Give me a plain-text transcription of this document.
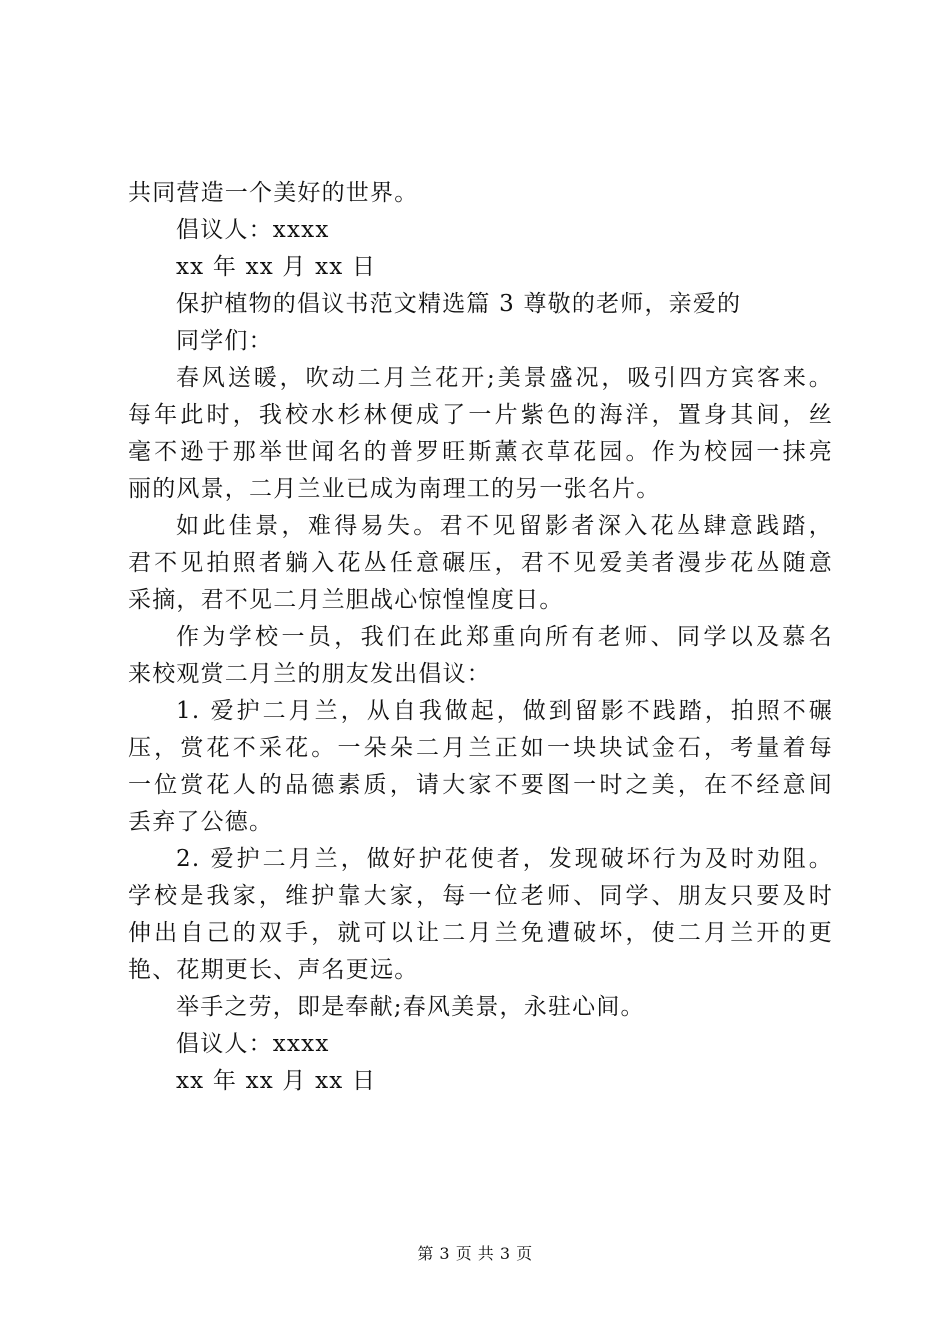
共同营造一个美好的世界。
倡议人：xxxx
xx 年 xx 月 xx 日
保护植物的倡议书范文精选篇 3 尊敬的老师，亲爱的
同学们：
春风送暖，吹动二月兰花开;美景盛况，吸引四方宾客来。
每年此时，我校水杉林便成了一片紫色的海洋，置身其间，丝
毫不逊于那举世闻名的普罗旺斯薰衣草花园。作为校园一抹亮
丽的风景，二月兰业已成为南理工的另一张名片。
如此佳景，难得易失。君不见留影者深入花丛肆意践踏，
君不见拍照者躺入花丛任意碾压，君不见爱美者漫步花丛随意
采摘，君不见二月兰胆战心惊惶惶度日。
作为学校一员，我们在此郑重向所有老师、同学以及慕名
来校观赏二月兰的朋友发出倡议：
1. 爱护二月兰，从自我做起，做到留影不践踏，拍照不碾
压，赏花不采花。一朵朵二月兰正如一块块试金石，考量着每
一位赏花人的品德素质，请大家不要图一时之美，在不经意间
丢弃了公德。
2. 爱护二月兰，做好护花使者，发现破坏行为及时劝阻。
学校是我家，维护靠大家，每一位老师、同学、朋友只要及时
伸出自己的双手，就可以让二月兰免遭破坏，使二月兰开的更
艳、花期更长、声名更远。
举手之劳，即是奉献;春风美景，永驻心间。
倡议人：xxxx
xx 年 xx 月 xx 日
第 3 页 共 3 页
